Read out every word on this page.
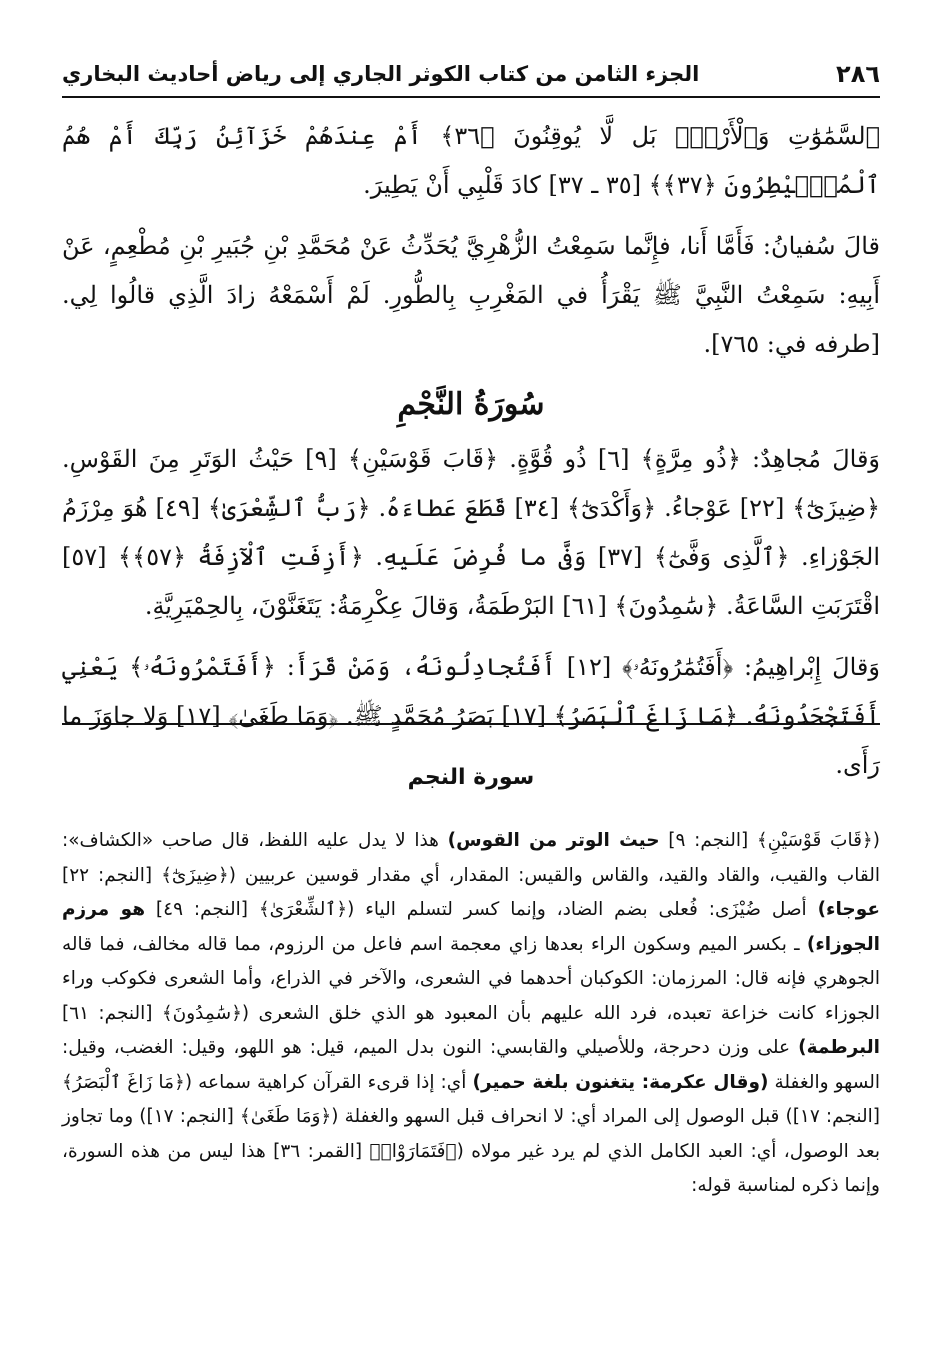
٢٨٦
الجزء الثامن من كتاب الكوثر الجاري إلى رياض أحاديث البخاري

ٱلسَّمَٰوَٰتِ وَٱلْأَرْضَۚ بَل لَّا يُوقِنُونَ ﴿٣٦﴾ أَمْ عِندَهُمْ خَزَآئِنُ رَبِّكَ أَمْ هُمُ ٱلْمُصَۣيْطِرُونَ ﴿٣٧﴾﴾ [٣٥ ـ ٣٧] كادَ قَلْبِي أَنْ يَطِيرَ.

قالَ سُفيانُ: فَأَمَّا أَنا، فإِنَّما سَمِعْتُ الزُّهْرِيَّ يُحَدِّثُ عَنْ مُحَمَّدِ بْنِ جُبَيرِ بْنِ مُطْعِمٍ، عَنْ أَبِيهِ: سَمِعْتُ النَّبِيَّ ﷺ يَقْرَأُ في المَغْرِبِ بِالطُّورِ. لَمْ أَسْمَعْهُ زادَ الَّذِي قالُوا لِي. [طرفه في: ٧٦٥].

سُورَةُ النَّجْمِ

وَقالَ مُجاهِدٌ: ﴿ذُو مِرَّةٍ﴾ [٦] ذُو قُوَّةٍ. ﴿قَابَ قَوْسَيْنِ﴾ [٩] حَيْثُ الوَتَرِ مِنَ القَوْسِ. ﴿ضِيزَىٰٓ﴾ [٢٢] عَوْجاءُ. ﴿وَأَكْدَىٰٓ﴾ [٣٤] قَطَعَ عَطاءَهُ. ﴿رَبُّ ٱلشِّعْرَىٰ﴾ [٤٩] هُوَ مِرْزَمُ الجَوْزاءِ. ﴿ٱلَّذِى وَفَّىٰٓ﴾ [٣٧] وَفَّى ما فُرِضَ عَلَيهِ. ﴿أَزِفَتِ ٱلْآزِفَةُ ﴿٥٧﴾﴾ [٥٧] اقْتَرَبَتِ السَّاعَةُ. ﴿سَٰمِدُونَ﴾ [٦١] البَرْطَمَةُ، وَقالَ عِكْرِمَةُ: يَتَغَنَّوْنَ، بِالحِمْيَرِيَّةِ.

وَقالَ إِبْراهِيمُ: ﴿أَفَتُمَٰرُونَهُۥ﴾ [١٢] أَفَتُجادِلُونَهُ، وَمَنْ قَرَأَ: ﴿أَفَتَمْرُونَهُۥ﴾ يَعْنِي أَفَتَجْحَدُونَهُ. ﴿مَا زَاغَ ٱلْبَصَرُ﴾ [١٧] بَصَرُ مُحَمَّدٍ ﷺ. ﴿وَمَا طَغَىٰ﴾ [١٧] وَلا جاوَزَ ما رَأَى.

سورة النجم

(﴿قَابَ قَوْسَيْنِ﴾ [النجم: ٩] حيث الوتر من القوس) هذا لا يدل عليه اللفظ، قال صاحب «الكشاف»: القاب والقيب، والقاد والقيد، والقاس والقيس: المقدار، أي مقدار قوسين عربيين (﴿ضِيزَىٰٓ﴾ [النجم: ٢٢] عوجاء) أصل ضُيْزَى: فُعلى بضم الضاد، وإنما كسر لتسلم الياء (﴿ٱلشِّعْرَىٰ﴾ [النجم: ٤٩] هو مرزم الجوزاء) ـ بكسر الميم وسكون الراء بعدها زاي معجمة اسم فاعل من الرزوم، مما قاله مخالف، فما قاله الجوهري فإنه قال: المرزمان: الكوكبان أحدهما في الشعرى، والآخر في الذراع، وأما الشعرى فكوكب وراء الجوزاء كانت خزاعة تعبده، فرد الله عليهم بأن المعبود هو الذي خلق الشعرى (﴿سَٰمِدُونَ﴾ [النجم: ٦١] البرطمة) على وزن دحرجة، وللأصيلي والقابسي: النون بدل الميم، قيل: هو اللهو، وقيل: الغضب، وقيل: السهو والغفلة (وقال عكرمة: يتغنون بلغة حمير) أي: إذا قرىء القرآن كراهية سماعه (﴿مَا زَاغَ ٱلْبَصَرُ﴾ [النجم: ١٧]) قبل الوصول إلى المراد أي: لا انحراف قبل السهو والغفلة (﴿وَمَا طَغَىٰ﴾ [النجم: ١٧]) وما تجاوز بعد الوصول، أي: العبد الكامل الذي لم يرد غير مولاه (﴿فَتَمَارَوْا۟﴾ [القمر: ٣٦] هذا ليس من هذه السورة، وإنما ذكره لمناسبة قوله:
